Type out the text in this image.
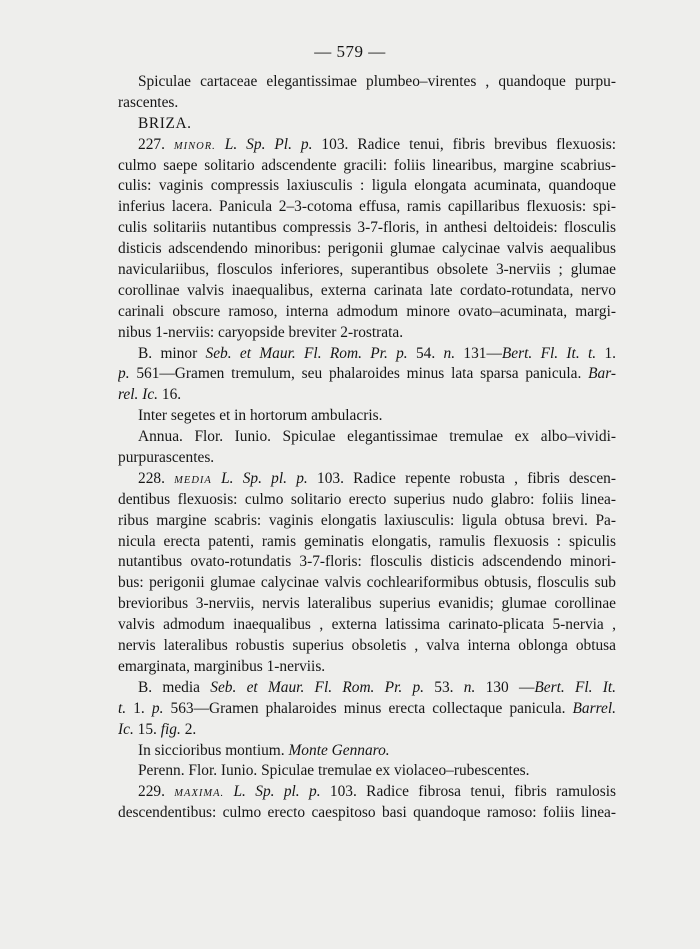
— 579 —
Spiculae cartaceae elegantissimae plumbeo–virentes , quandoque purpu-
rascentes.
BRIZA.
227. MINOR. L. Sp. Pl. p. 103. Radice tenui, fibris brevibus flexuosis:
culmo saepe solitario adscendente gracili: foliis linearibus, margine scabrius-
culis: vaginis compressis laxiusculis : ligula elongata acuminata, quandoque
inferius lacera. Panicula 2–3-cotoma effusa, ramis capillaribus flexuosis: spi-
culis solitariis nutantibus compressis 3-7-floris, in anthesi deltoideis: flosculis
disticis adscendendo minoribus: perigonii glumae calycinae valvis aequalibus
naviculariibus, flosculos inferiores, superantibus obsolete 3-nerviis ; glumae
corollinae valvis inaequalibus, externa carinata late cordato-rotundata, nervo
carinali obscure ramoso, interna admodum minore ovato–acuminata, margi-
nibus 1-nerviis: caryopside breviter 2-rostrata.
B. minor Seb. et Maur. Fl. Rom. Pr. p. 54. n. 131—Bert. Fl. It. t. 1.
p. 561—Gramen tremulum, seu phalaroides minus lata sparsa panicula. Bar-
rel. Ic. 16.
Inter segetes et in hortorum ambulacris.
Annua. Flor. Iunio. Spiculae elegantissimae tremulae ex albo–vividi-
purpurascentes.
228. MEDIA L. Sp. pl. p. 103. Radice repente robusta , fibris descen-
dentibus flexuosis: culmo solitario erecto superius nudo glabro: foliis linea-
ribus margine scabris: vaginis elongatis laxiusculis: ligula obtusa brevi. Pa-
nicula erecta patenti, ramis geminatis elongatis, ramulis flexuosis : spiculis
nutantibus ovato-rotundatis 3-7-floris: flosculis disticis adscendendo minori-
bus: perigonii glumae calycinae valvis cochleariformibus obtusis, flosculis sub
brevioribus 3-nerviis, nervis lateralibus superius evanidis; glumae corollinae
valvis admodum inaequalibus , externa latissima carinato-plicata 5-nervia ,
nervis lateralibus robustis superius obsoletis , valva interna oblonga obtusa
emarginata, marginibus 1-nerviis.
B. media Seb. et Maur. Fl. Rom. Pr. p. 53. n. 130 —Bert. Fl. It.
t. 1. p. 563—Gramen phalaroides minus erecta collectaque panicula. Barrel.
Ic. 15. fig. 2.
In siccioribus montium. Monte Gennaro.
Perenn. Flor. Iunio. Spiculae tremulae ex violaceo–rubescentes.
229. MAXIMA. L. Sp. pl. p. 103. Radice fibrosa tenui, fibris ramulosis
descendentibus: culmo erecto caespitoso basi quandoque ramoso: foliis linea-
